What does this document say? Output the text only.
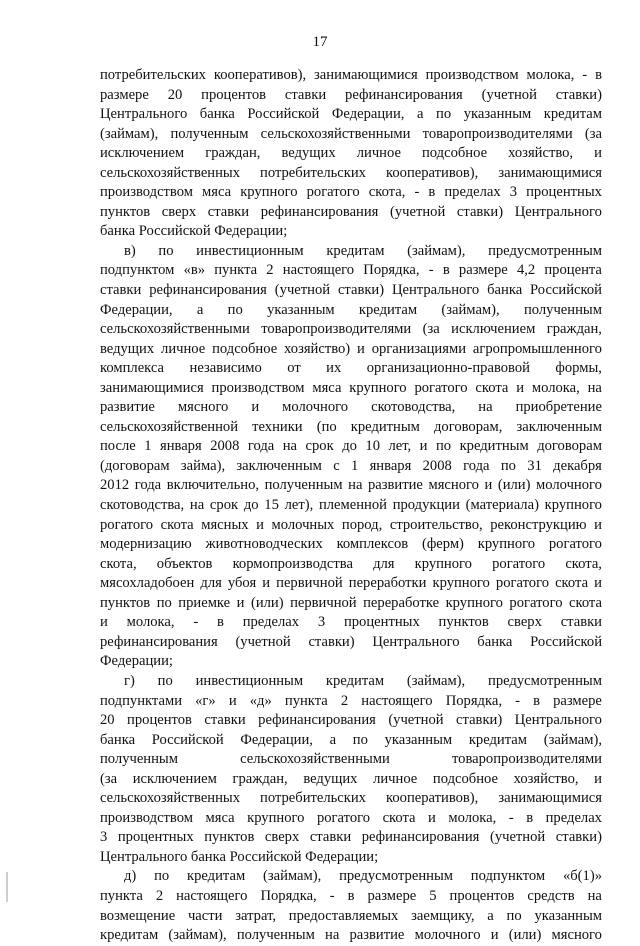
17
потребительских кооперативов), занимающимися производством молока, - в
размере 20 процентов ставки рефинансирования (учетной ставки)
Центрального банка Российской Федерации, а по указанным кредитам
(займам), полученным сельскохозяйственными товаропроизводителями (за
исключением граждан, ведущих личное подсобное хозяйство, и
сельскохозяйственных потребительских кооперативов), занимающимися
производством мяса крупного рогатого скота, - в пределах 3 процентных
пунктов сверх ставки рефинансирования (учетной ставки) Центрального
банка Российской Федерации;
в) по инвестиционным кредитам (займам), предусмотренным
подпунктом «в» пункта 2 настоящего Порядка, - в размере 4,2 процента
ставки рефинансирования (учетной ставки) Центрального банка Российской
Федерации, а по указанным кредитам (займам), полученным
сельскохозяйственными товаропроизводителями (за исключением граждан,
ведущих личное подсобное хозяйство) и организациями агропромышленного
комплекса независимо от их организационно-правовой формы,
занимающимися производством мяса крупного рогатого скота и молока, на
развитие мясного и молочного скотоводства, на приобретение
сельскохозяйственной техники (по кредитным договорам, заключенным
после 1 января 2008 года на срок до 10 лет, и по кредитным договорам
(договорам займа), заключенным с 1 января 2008 года по 31 декабря
2012 года включительно, полученным на развитие мясного и (или) молочного
скотоводства, на срок до 15 лет), племенной продукции (материала) крупного
рогатого скота мясных и молочных пород, строительство, реконструкцию и
модернизацию животноводческих комплексов (ферм) крупного рогатого
скота, объектов кормопроизводства для крупного рогатого скота,
мясохладобоен для убоя и первичной переработки крупного рогатого скота и
пунктов по приемке и (или) первичной переработке крупного рогатого скота
и молока, - в пределах 3 процентных пунктов сверх ставки
рефинансирования (учетной ставки) Центрального банка Российской
Федерации;
г) по инвестиционным кредитам (займам), предусмотренным
подпунктами «г» и «д» пункта 2 настоящего Порядка, - в размере
20 процентов ставки рефинансирования (учетной ставки) Центрального
банка Российской Федерации, а по указанным кредитам (займам),
полученным	сельскохозяйственными	товаропроизводителями
(за исключением граждан, ведущих личное подсобное хозяйство, и
сельскохозяйственных потребительских кооперативов), занимающимися
производством мяса крупного рогатого скота и молока, - в пределах
3 процентных пунктов сверх ставки рефинансирования (учетной ставки)
Центрального банка Российской Федерации;
д) по кредитам (займам), предусмотренным подпунктом «б(1)»
пункта 2 настоящего Порядка, - в размере 5 процентов средств на
возмещение части затрат, предоставляемых заемщику, а по указанным
кредитам (займам), полученным на развитие молочного и (или) мясного
